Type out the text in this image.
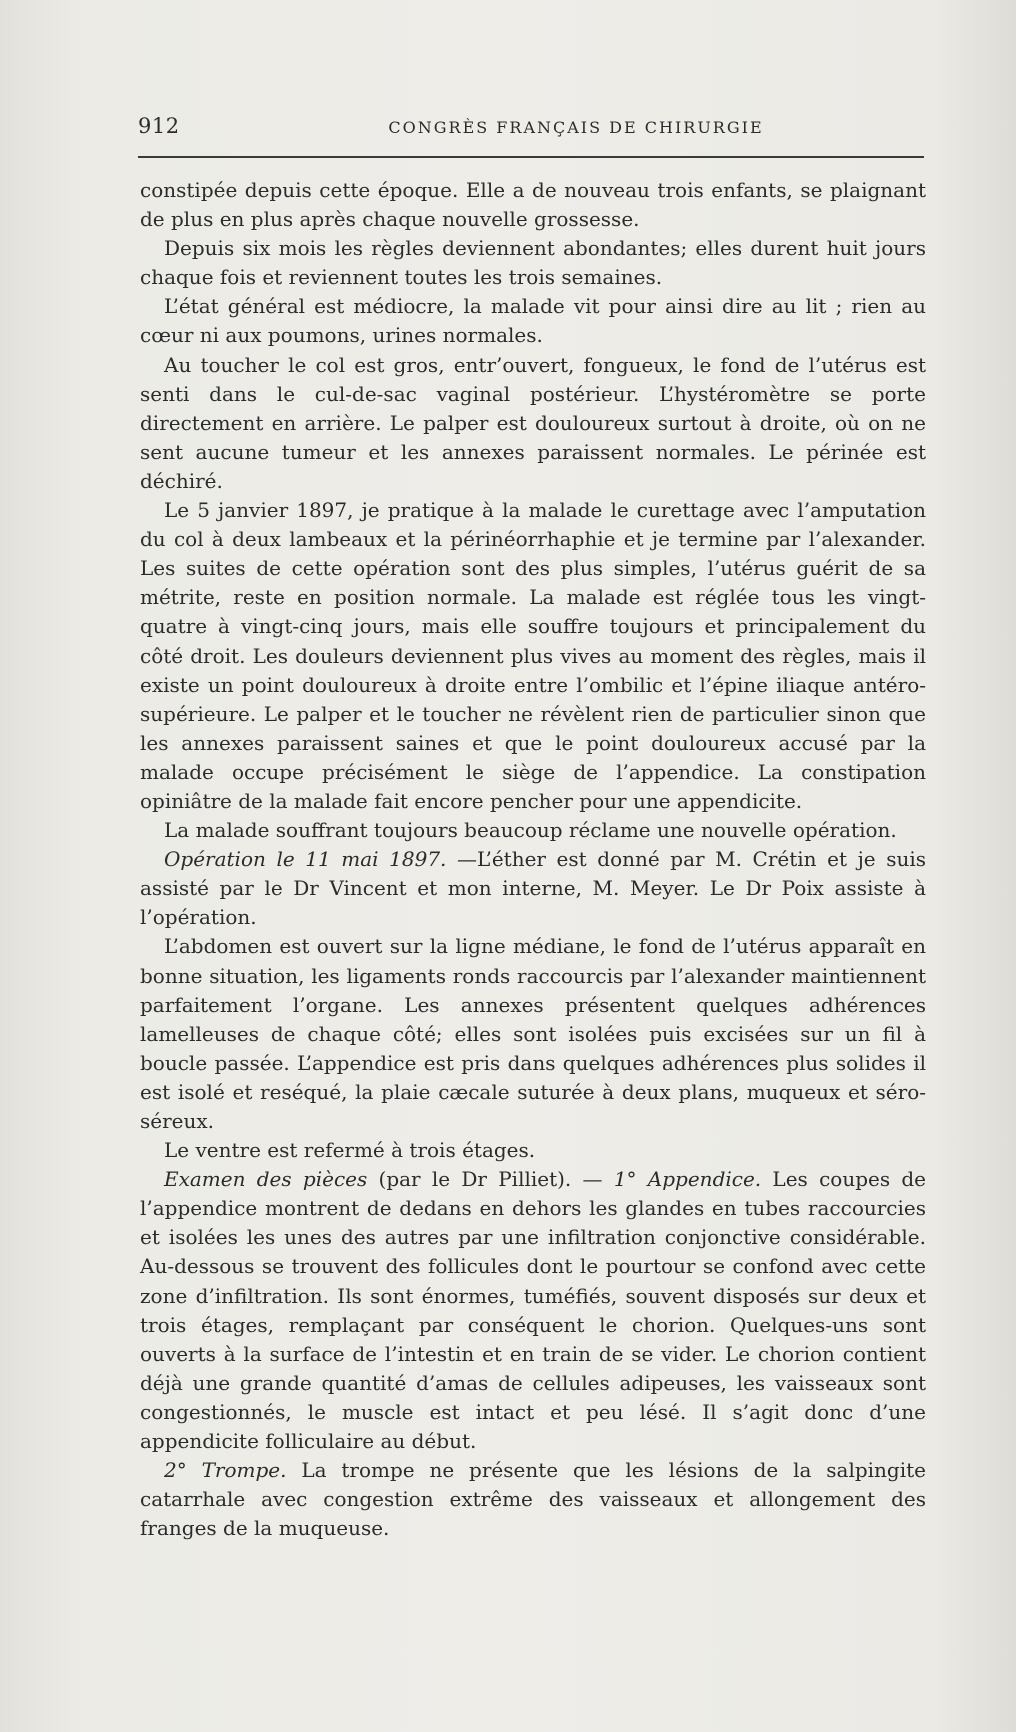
912	CONGRÈS FRANÇAIS DE CHIRURGIE

constipée depuis cette époque. Elle a de nouveau trois enfants, se plaignant de plus en plus après chaque nouvelle grossesse.

Depuis six mois les règles deviennent abondantes; elles durent huit jours chaque fois et reviennent toutes les trois semaines.

L’état général est médiocre, la malade vit pour ainsi dire au lit ; rien au cœur ni aux poumons, urines normales.

Au toucher le col est gros, entr’ouvert, fongueux, le fond de l’utérus est senti dans le cul-de-sac vaginal postérieur. L’hystéromètre se porte directement en arrière. Le palper est douloureux surtout à droite, où on ne sent aucune tumeur et les annexes paraissent normales. Le périnée est déchiré.

Le 5 janvier 1897, je pratique à la malade le curettage avec l’amputation du col à deux lambeaux et la périnéorrhaphie et je termine par l’alexander. Les suites de cette opération sont des plus simples, l’utérus guérit de sa métrite, reste en position normale. La malade est réglée tous les vingt-quatre à vingt-cinq jours, mais elle souffre toujours et principalement du côté droit. Les douleurs deviennent plus vives au moment des règles, mais il existe un point douloureux à droite entre l’ombilic et l’épine iliaque antéro-supérieure. Le palper et le toucher ne révèlent rien de particulier sinon que les annexes paraissent saines et que le point douloureux accusé par la malade occupe précisément le siège de l’appendice. La constipation opiniâtre de la malade fait encore pencher pour une appendicite.

La malade souffrant toujours beaucoup réclame une nouvelle opération.

Opération le 11 mai 1897. —L’éther est donné par M. Crétin et je suis assisté par le Dr Vincent et mon interne, M. Meyer. Le Dr Poix assiste à l’opération.

L’abdomen est ouvert sur la ligne médiane, le fond de l’utérus apparaît en bonne situation, les ligaments ronds raccourcis par l’alexander maintiennent parfaitement l’organe. Les annexes présentent quelques adhérences lamelleuses de chaque côté; elles sont isolées puis excisées sur un fil à boucle passée. L’appendice est pris dans quelques adhérences plus solides il est isolé et reséqué, la plaie cæcale suturée à deux plans, muqueux et séro-séreux.

Le ventre est refermé à trois étages.

Examen des pièces (par le Dr Pilliet). — 1° Appendice. Les coupes de l’appendice montrent de dedans en dehors les glandes en tubes raccourcies et isolées les unes des autres par une infiltration conjonctive considérable. Au-dessous se trouvent des follicules dont le pourtour se confond avec cette zone d’infiltration. Ils sont énormes, tuméfiés, souvent disposés sur deux et trois étages, remplaçant par conséquent le chorion. Quelques-uns sont ouverts à la surface de l’intestin et en train de se vider. Le chorion contient déjà une grande quantité d’amas de cellules adipeuses, les vaisseaux sont congestionnés, le muscle est intact et peu lésé. Il s’agit donc d’une appendicite folliculaire au début.

2° Trompe. La trompe ne présente que les lésions de la salpingite catarrhale avec congestion extrême des vaisseaux et allongement des franges de la muqueuse.
